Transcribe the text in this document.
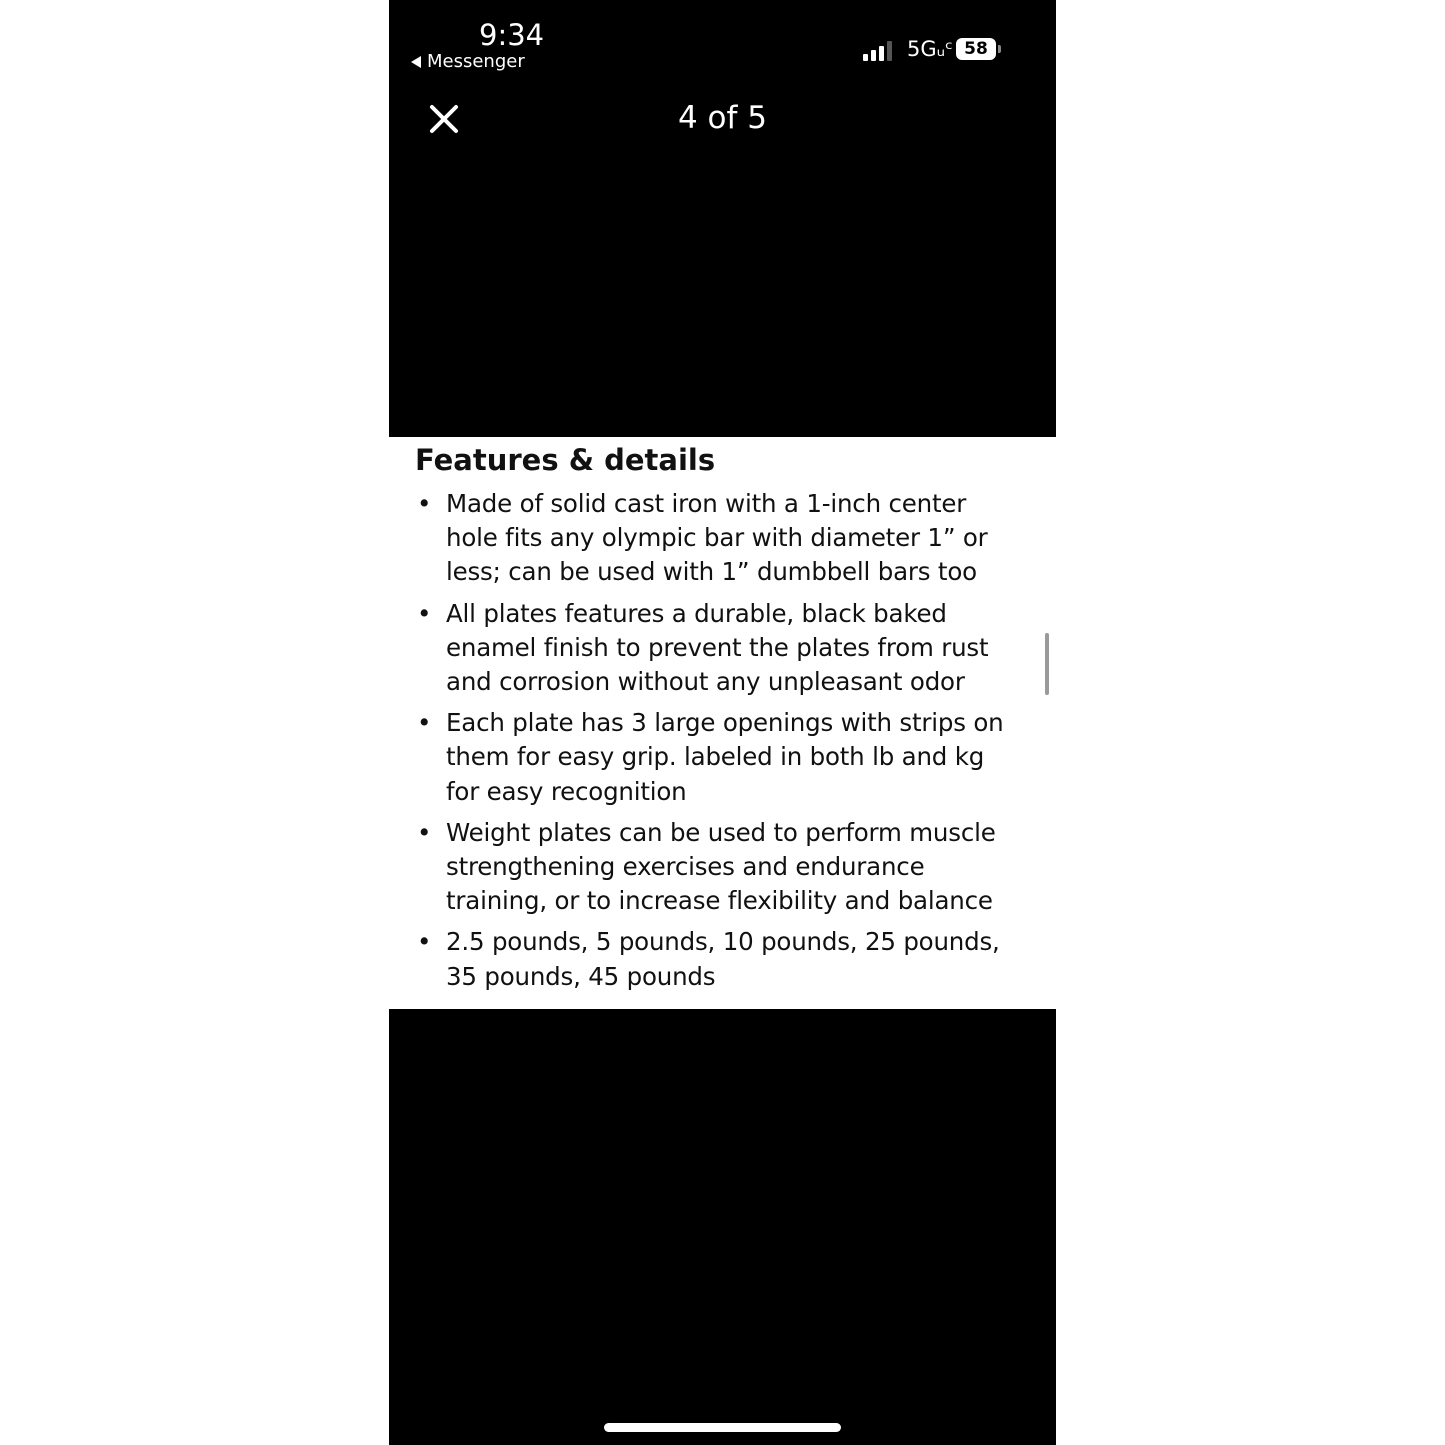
9:34
Messenger
5Gᵤᶜ 58
4 of 5
Features & details
• Made of solid cast iron with a 1-inch center hole fits any olympic bar with diameter 1” or less; can be used with 1” dumbbell bars too
• All plates features a durable, black baked enamel finish to prevent the plates from rust and corrosion without any unpleasant odor
• Each plate has 3 large openings with strips on them for easy grip. labeled in both lb and kg for easy recognition
• Weight plates can be used to perform muscle strengthening exercises and endurance training, or to increase flexibility and balance
• 2.5 pounds, 5 pounds, 10 pounds, 25 pounds, 35 pounds, 45 pounds
